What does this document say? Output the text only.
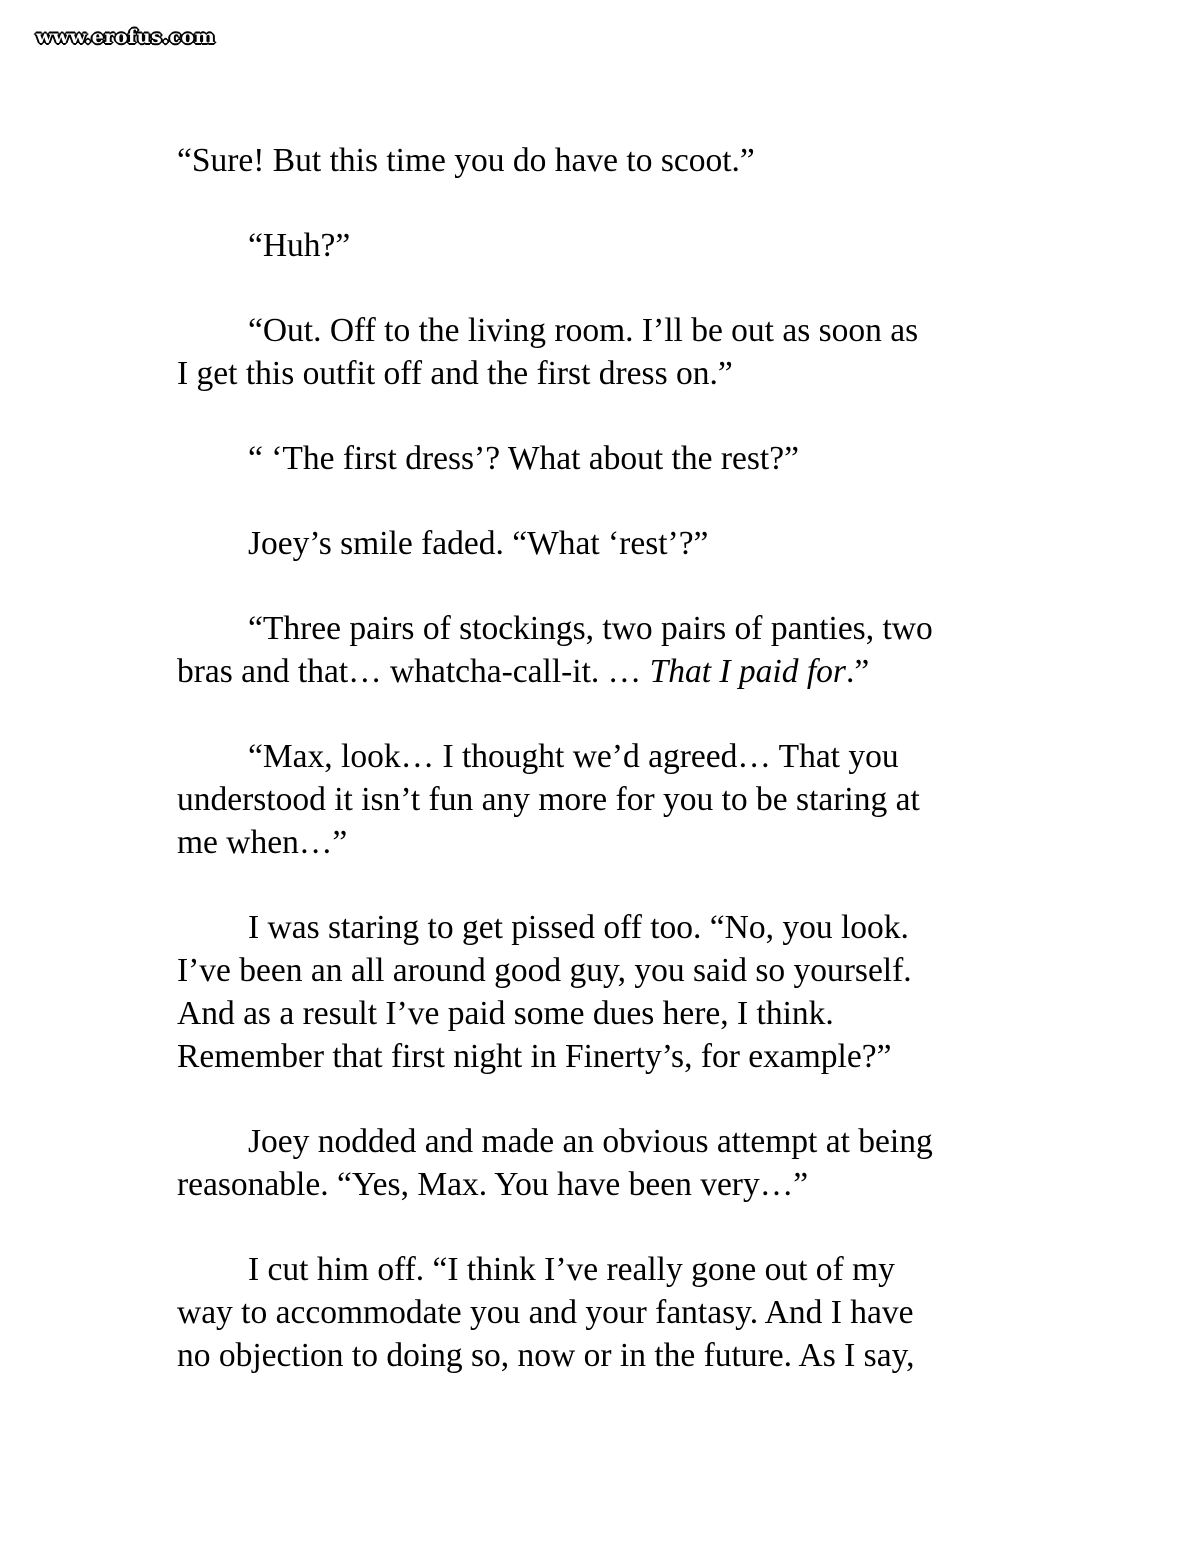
www.erofus.com

“Sure! But this time you do have to scoot.”

“Huh?”

“Out. Off to the living room. I’ll be out as soon as
I get this outfit off and the first dress on.”

“ ‘The first dress’? What about the rest?”

Joey’s smile faded. “What ‘rest’?”

“Three pairs of stockings, two pairs of panties, two
bras and that… whatcha-call-it. … That I paid for.”

“Max, look… I thought we’d agreed… That you
understood it isn’t fun any more for you to be staring at
me when…”

I was staring to get pissed off too. “No, you look.
I’ve been an all around good guy, you said so yourself.
And as a result I’ve paid some dues here, I think.
Remember that first night in Finerty’s, for example?”

Joey nodded and made an obvious attempt at being
reasonable. “Yes, Max. You have been very…”

I cut him off. “I think I’ve really gone out of my
way to accommodate you and your fantasy. And I have
no objection to doing so, now or in the future. As I say,
